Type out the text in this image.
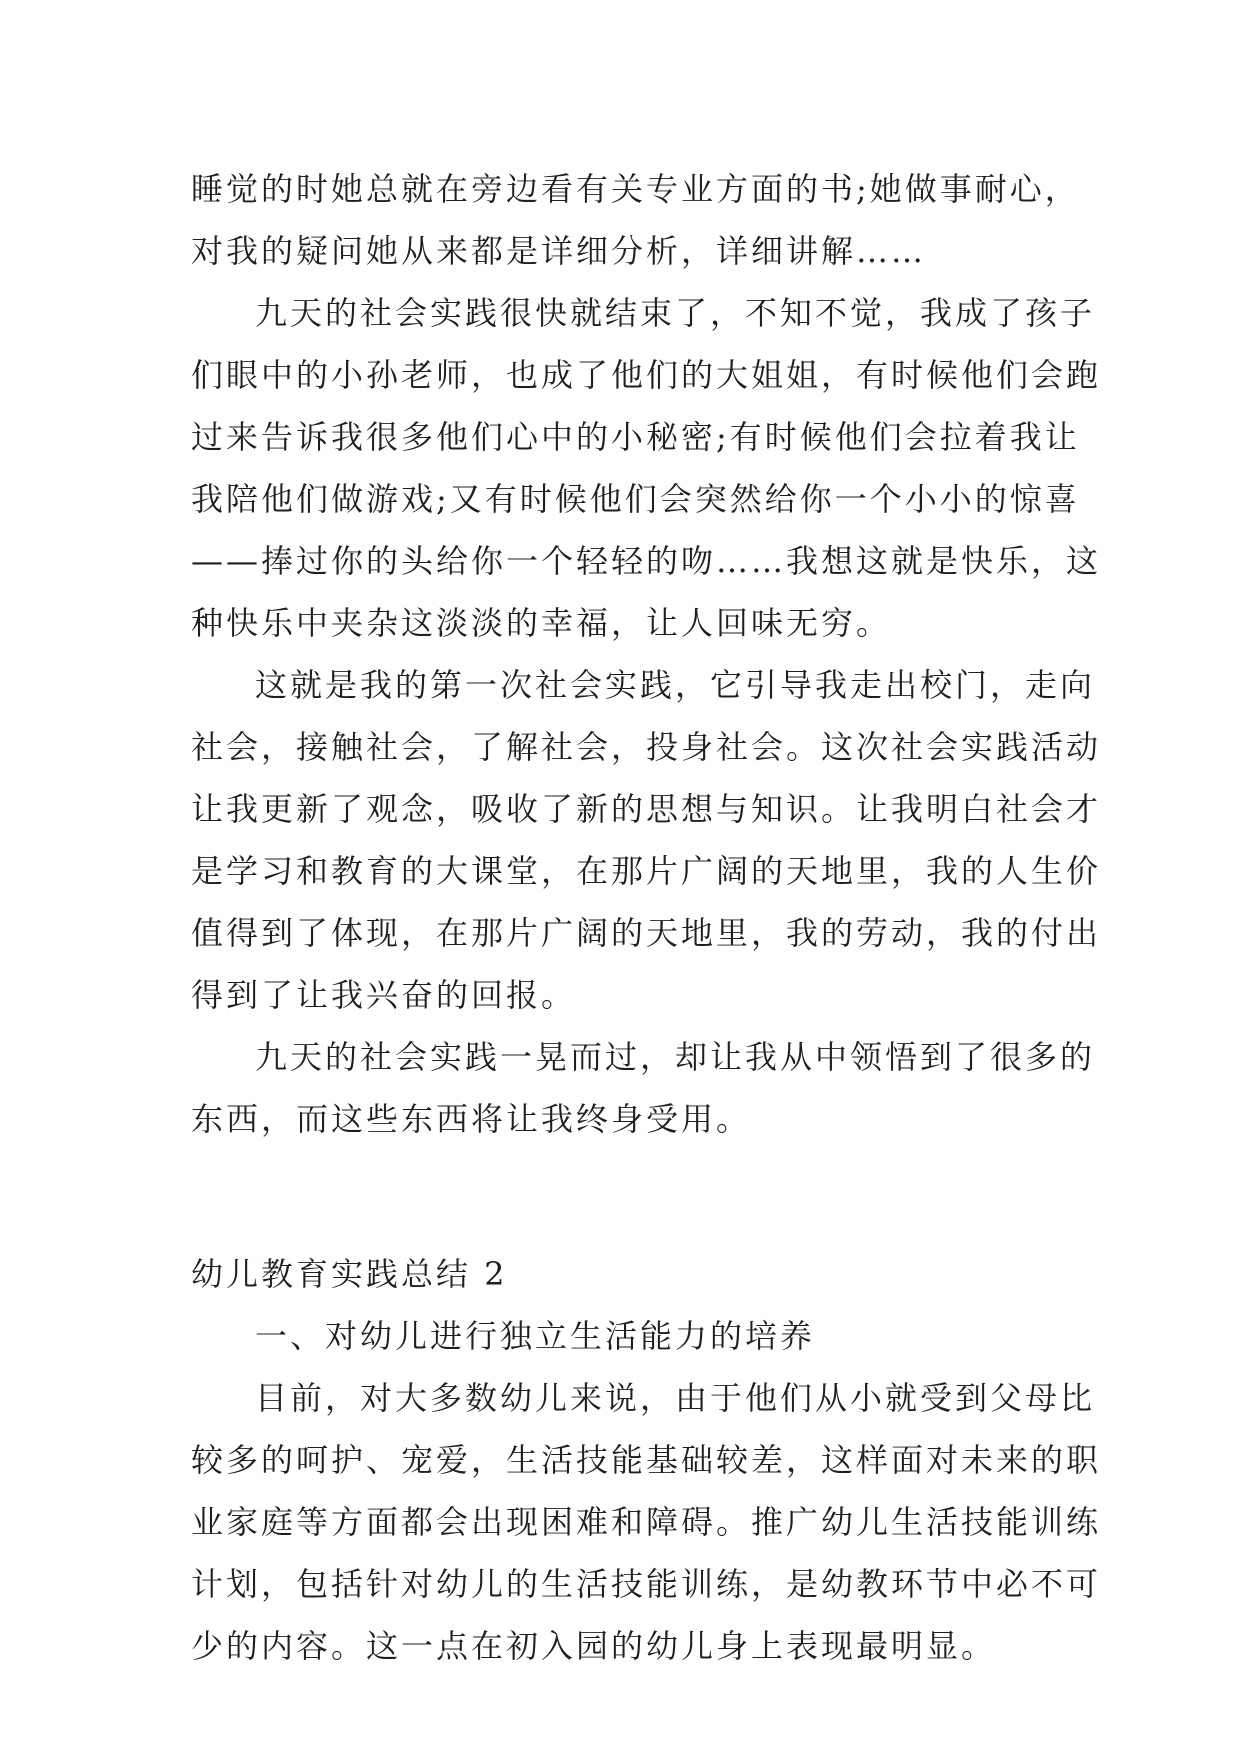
睡觉的时她总就在旁边看有关专业方面的书;她做事耐心，
对我的疑问她从来都是详细分析，详细讲解……
九天的社会实践很快就结束了，不知不觉，我成了孩子
们眼中的小孙老师，也成了他们的大姐姐，有时候他们会跑
过来告诉我很多他们心中的小秘密;有时候他们会拉着我让
我陪他们做游戏;又有时候他们会突然给你一个小小的惊喜
——捧过你的头给你一个轻轻的吻……我想这就是快乐，这
种快乐中夹杂这淡淡的幸福，让人回味无穷。
这就是我的第一次社会实践，它引导我走出校门，走向
社会，接触社会，了解社会，投身社会。这次社会实践活动
让我更新了观念，吸收了新的思想与知识。让我明白社会才
是学习和教育的大课堂，在那片广阔的天地里，我的人生价
值得到了体现，在那片广阔的天地里，我的劳动，我的付出
得到了让我兴奋的回报。
九天的社会实践一晃而过，却让我从中领悟到了很多的
东西，而这些东西将让我终身受用。
幼儿教育实践总结 2
一、对幼儿进行独立生活能力的培养
目前，对大多数幼儿来说，由于他们从小就受到父母比
较多的呵护、宠爱，生活技能基础较差，这样面对未来的职
业家庭等方面都会出现困难和障碍。推广幼儿生活技能训练
计划，包括针对幼儿的生活技能训练，是幼教环节中必不可
少的内容。这一点在初入园的幼儿身上表现最明显。
